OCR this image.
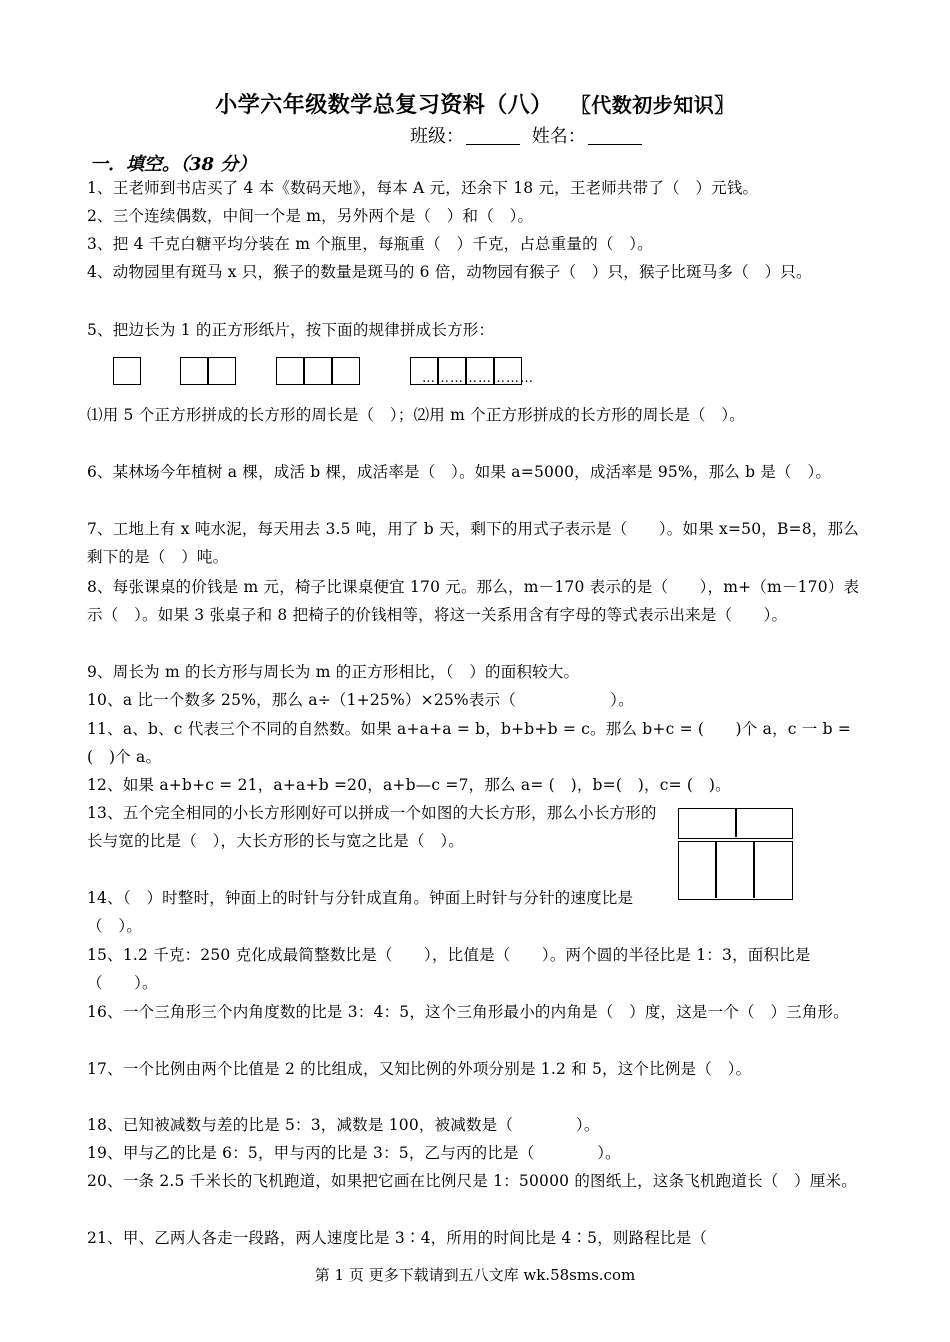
小学六年级数学总复习资料（八） 〖代数初步知识〗
班级：	姓名：
一．填空。（38 分）
1、王老师到书店买了 4 本《数码天地》，每本 A 元，还余下 18 元，王老师共带了（　）元钱。
2、三个连续偶数，中间一个是 m，另外两个是（　）和（　）。
3、把 4 千克白糖平均分装在 m 个瓶里，每瓶重（　）千克，占总重量的（　）。
4、动物园里有斑马 x 只，猴子的数量是斑马的 6 倍，动物园有猴子（　）只，猴子比斑马多（　）只。
5、把边长为 1 的正方形纸片，按下面的规律拼成长方形：
……………………
⑴用 5 个正方形拼成的长方形的周长是（　）；⑵用 m 个正方形拼成的长方形的周长是（　）。
6、某林场今年植树 a 棵，成活 b 棵，成活率是（　）。如果 a=5000，成活率是 95%，那么 b 是（　）。
7、工地上有 x 吨水泥，每天用去 3.5 吨，用了 b 天，剩下的用式子表示是（　　）。如果 x=50，B=8，那么剩下的是（　）吨。
8、每张课桌的价钱是 m 元，椅子比课桌便宜 170 元。那么，m－170 表示的是（　　），m+（m－170）表示（　）。如果 3 张桌子和 8 把椅子的价钱相等，将这一关系用含有字母的等式表示出来是（　　）。
9、周长为 m 的长方形与周长为 m 的正方形相比，（　）的面积较大。
10、a 比一个数多 25%，那么 a÷（1+25%）×25%表示（　　　　　　）。
11、a、b、c 代表三个不同的自然数。如果 a+a+a = b，b+b+b = c。那么 b+c = (　　)个 a，c 一 b = (　)个 a。
12、如果 a+b+c = 21，a+a+b =20，a+b—c =7，那么 a= (　)，b=(　)，c= (　)。
13、五个完全相同的小长方形刚好可以拼成一个如图的大长方形，那么小长方形的长与宽的比是（　），大长方形的长与宽之比是（　）。
14、（　）时整时，钟面上的时针与分针成直角。钟面上时针与分针的速度比是（　）。
15、1.2 千克：250 克化成最简整数比是（　　），比值是（　　）。两个圆的半径比是 1：3，面积比是（　　）。
16、一个三角形三个内角度数的比是 3：4：5，这个三角形最小的内角是（　）度，这是一个（　）三角形。
17、一个比例由两个比值是 2 的比组成，又知比例的外项分别是 1.2 和 5，这个比例是（　）。
18、已知被减数与差的比是 5：3，减数是 100，被减数是（　　　　）。
19、甲与乙的比是 6：5，甲与丙的比是 3：5，乙与丙的比是（　　　　）。
20、一条 2.5 千米长的飞机跑道，如果把它画在比例尺是 1：50000 的图纸上，这条飞机跑道长（　）厘米。
21、甲、乙两人各走一段路，两人速度比是 3∶4，所用的时间比是 4∶5，则路程比是（
第 1 页 更多下载请到五八文库 wk.58sms.com
